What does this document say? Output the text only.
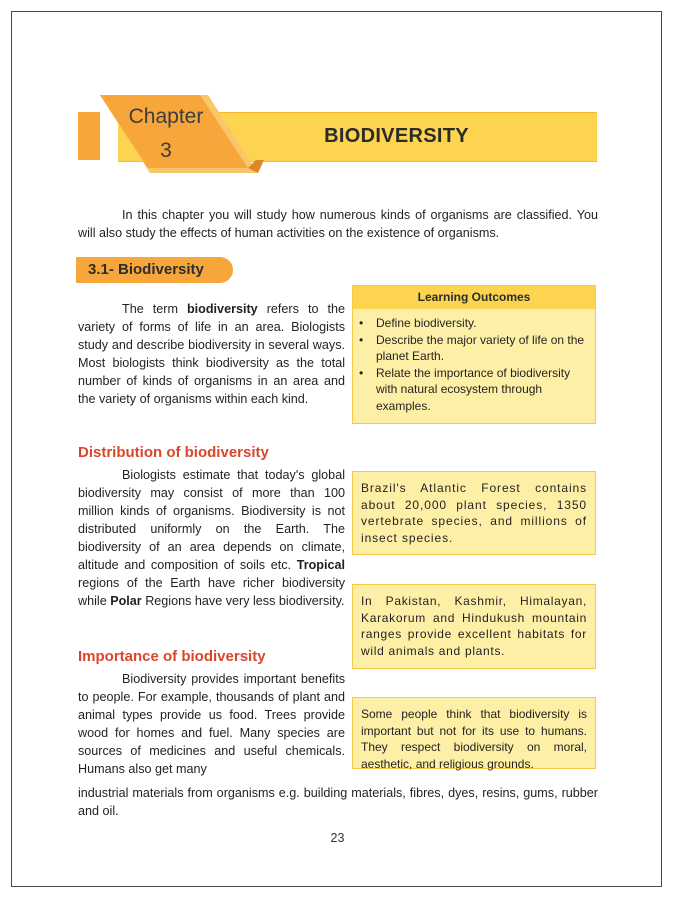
Chapter
3
BIODIVERSITY

In this chapter you will study how numerous kinds of organisms are classified. You will also study the effects of human activities on the existence of organisms.

3.1- Biodiversity

The term biodiversity refers to the variety of forms of life in an area. Biologists study and describe biodiversity in several ways. Most biologists think biodiversity as the total number of kinds of organisms in an area and the variety of organisms within each kind.

Learning Outcomes
• Define biodiversity.
• Describe the major variety of life on the planet Earth.
• Relate the importance of biodiversity with natural ecosystem through examples.
Distribution of biodiversity

Biologists estimate that today's global biodiversity may consist of more than 100 million kinds of organisms. Biodiversity is not distributed uniformly on the Earth. The biodiversity of an area depends on climate, altitude and composition of soils etc. Tropical regions of the Earth have richer biodiversity while Polar Regions have very less biodiversity.

Brazil's Atlantic Forest contains about 20,000 plant species, 1350 vertebrate species, and millions of insect species.

In Pakistan, Kashmir, Himalayan, Karakorum and Hindukush mountain ranges provide excellent habitats for wild animals and plants.

Some people think that biodiversity is important but not for its use to humans. They respect biodiversity on moral, aesthetic, and religious grounds.

Importance of biodiversity

Biodiversity provides important benefits to people. For example, thousands of plant and animal types provide us food. Trees provide wood for homes and fuel. Many species are sources of medicines and useful chemicals. Humans also get many

industrial materials from organisms e.g. building materials, fibres, dyes, resins, gums, rubber and oil.

23
